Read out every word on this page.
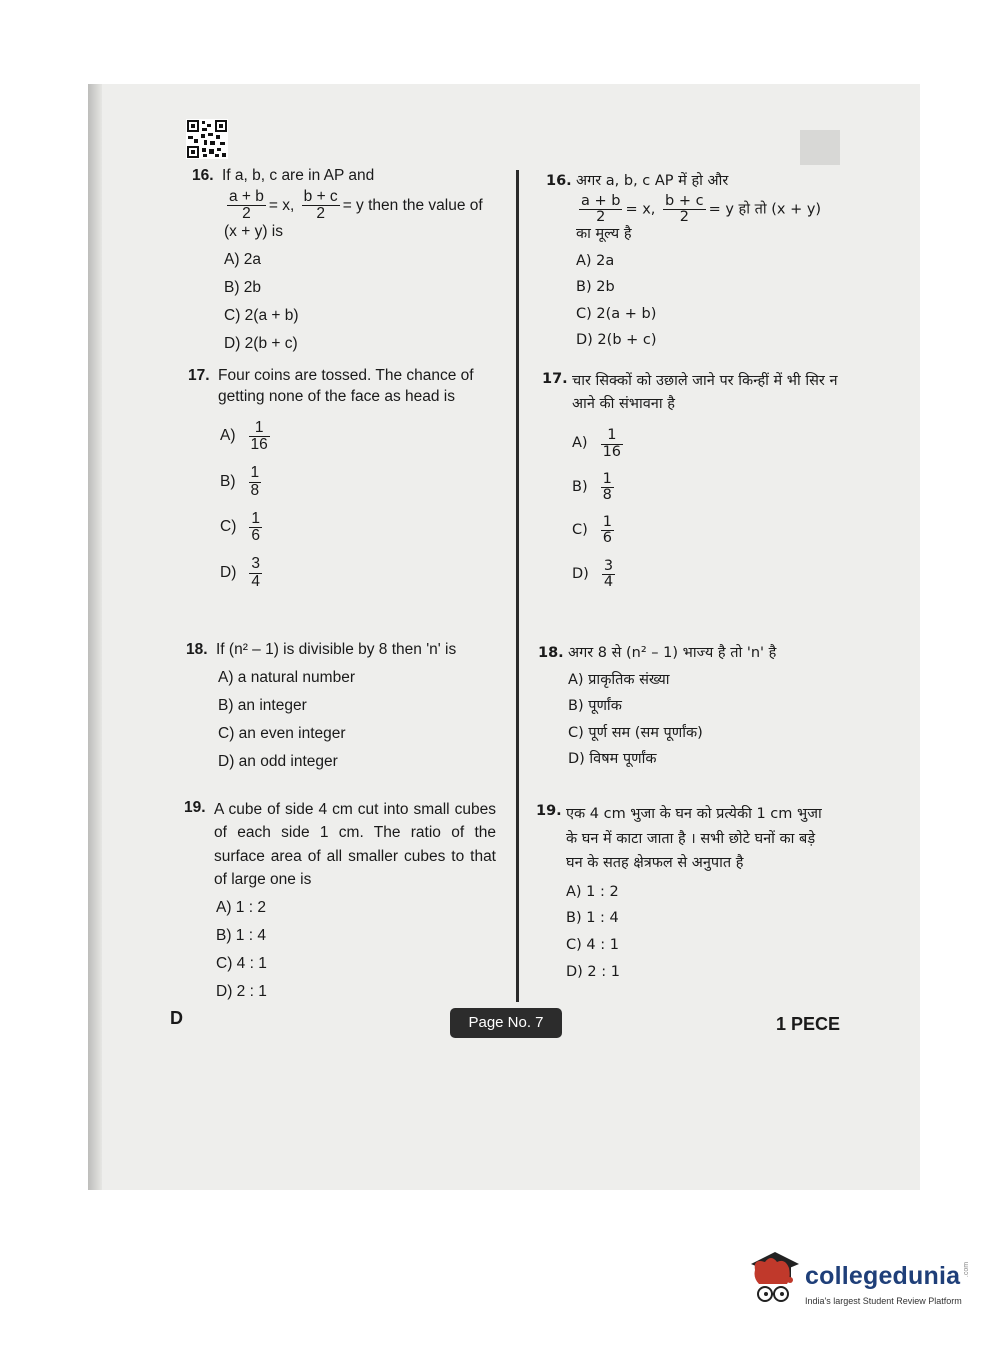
16. If a, b, c are in AP and
$\frac{a + b}{2} = x$, $\frac{b + c}{2} = y$ then the value of
(x + y) is
A) 2a
B) 2b
C) 2(a + b)
D) 2(b + c)
17. Four coins are tossed. The chance of getting none of the face as head is
$A) \frac{1}{16}$
$B) \frac{1}{8}$
$C) \frac{1}{6}$
$D) \frac{3}{4}$
18. If (n² – 1) is divisible by 8 then 'n' is
A) a natural number
B) an integer
C) an even integer
D) an odd integer
19. A cube of side 4 cm cut into small cubes of each side 1 cm. The ratio of the surface area of all smaller cubes to that of large one is
A) 1 : 2
B) 1 : 4
C) 4 : 1
D) 2 : 1
16. अगर a, b, c AP में हो और
$\frac{a + b}{2} = x$, $\frac{b + c}{2} = y$ हो तो (x + y)
का मूल्य है
A) 2a
B) 2b
C) 2(a + b)
D) 2(b + c)
17. चार सिक्कों को उछाले जाने पर किन्हीं में भी सिर न आने की संभावना है
$A) \frac{1}{16}$
$B) \frac{1}{8}$
$C) \frac{1}{6}$
$D) \frac{3}{4}$
18. अगर 8 से (n² – 1) भाज्य है तो 'n' है
A) प्राकृतिक संख्या
B) पूर्णांक
C) पूर्ण सम (सम पूर्णांक)
D) विषम पूर्णांक
19. एक 4 cm भुजा के घन को प्रत्येकी 1 cm भुजा के घन में काटा जाता है । सभी छोटे घनों का बड़े घन के सतह क्षेत्रफल से अनुपात है
A) 1 : 2
B) 1 : 4
C) 4 : 1
D) 2 : 1
D	Page No. 7	1 PECE
collegedunia .com
India's largest Student Review Platform
